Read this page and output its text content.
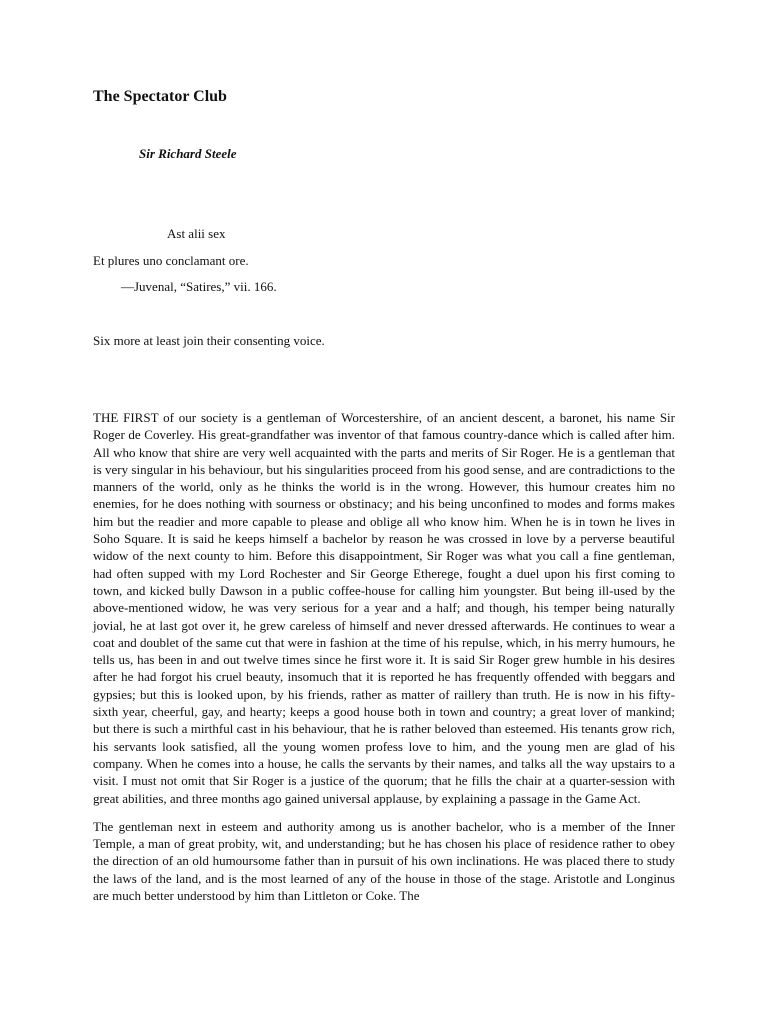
The Spectator Club

Sir Richard Steele

Ast alii sex

Et plures uno conclamant ore.

—Juvenal, “Satires,” vii. 166.

Six more at least join their consenting voice.

THE FIRST of our society is a gentleman of Worcestershire, of an ancient descent, a baronet, his name Sir Roger de Coverley. His great-grandfather was inventor of that famous country-dance which is called after him. All who know that shire are very well acquainted with the parts and merits of Sir Roger. He is a gentleman that is very singular in his behaviour, but his singularities proceed from his good sense, and are contradictions to the manners of the world, only as he thinks the world is in the wrong. However, this humour creates him no enemies, for he does nothing with sourness or obstinacy; and his being unconfined to modes and forms makes him but the readier and more capable to please and oblige all who know him. When he is in town he lives in Soho Square. It is said he keeps himself a bachelor by reason he was crossed in love by a perverse beautiful widow of the next county to him. Before this disappointment, Sir Roger was what you call a fine gentleman, had often supped with my Lord Rochester and Sir George Etherege, fought a duel upon his first coming to town, and kicked bully Dawson in a public coffee-house for calling him youngster. But being ill-used by the above-mentioned widow, he was very serious for a year and a half; and though, his temper being naturally jovial, he at last got over it, he grew careless of himself and never dressed afterwards. He continues to wear a coat and doublet of the same cut that were in fashion at the time of his repulse, which, in his merry humours, he tells us, has been in and out twelve times since he first wore it. It is said Sir Roger grew humble in his desires after he had forgot his cruel beauty, insomuch that it is reported he has frequently offended with beggars and gypsies; but this is looked upon, by his friends, rather as matter of raillery than truth. He is now in his fifty-sixth year, cheerful, gay, and hearty; keeps a good house both in town and country; a great lover of mankind; but there is such a mirthful cast in his behaviour, that he is rather beloved than esteemed. His tenants grow rich, his servants look satisfied, all the young women profess love to him, and the young men are glad of his company. When he comes into a house, he calls the servants by their names, and talks all the way upstairs to a visit. I must not omit that Sir Roger is a justice of the quorum; that he fills the chair at a quarter-session with great abilities, and three months ago gained universal applause, by explaining a passage in the Game Act.

The gentleman next in esteem and authority among us is another bachelor, who is a member of the Inner Temple, a man of great probity, wit, and understanding; but he has chosen his place of residence rather to obey the direction of an old humoursome father than in pursuit of his own inclinations. He was placed there to study the laws of the land, and is the most learned of any of the house in those of the stage. Aristotle and Longinus are much better understood by him than Littleton or Coke. The
